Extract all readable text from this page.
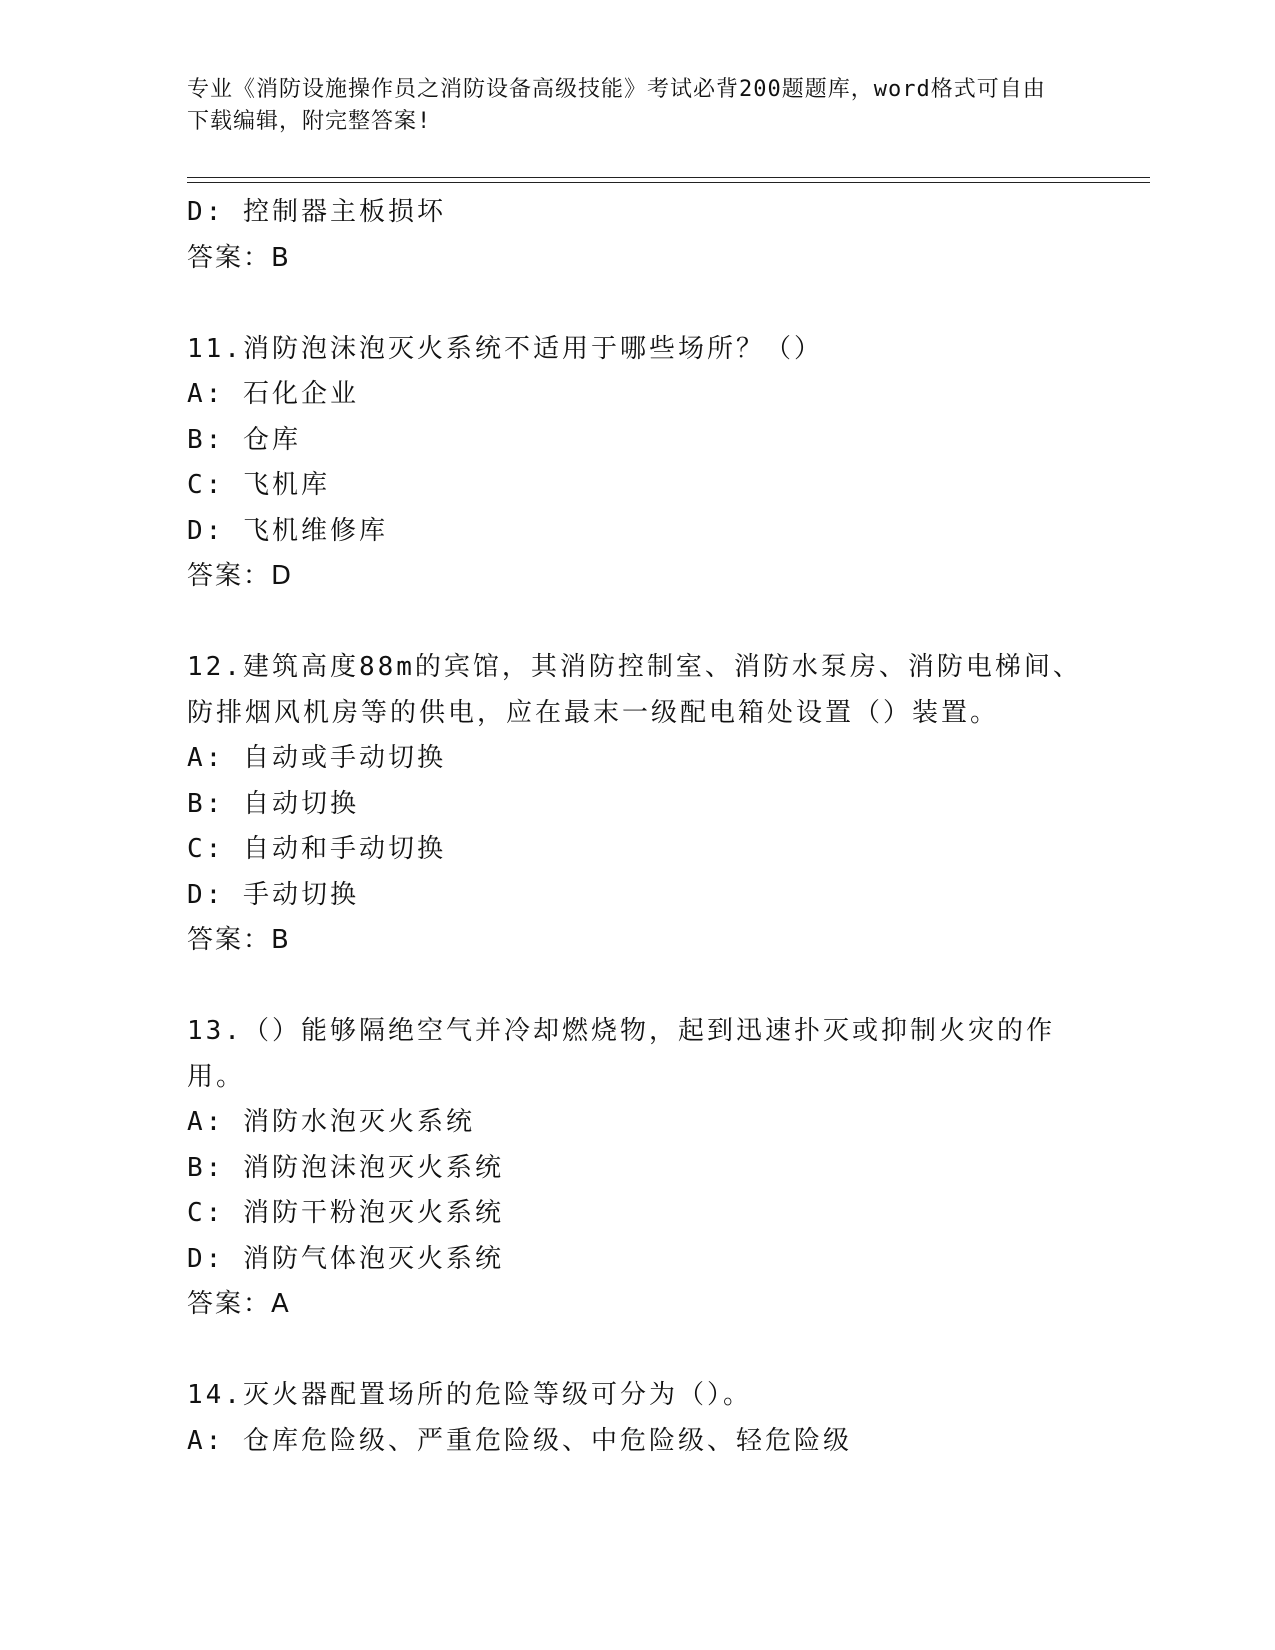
专业《消防设施操作员之消防设备高级技能》考试必背200题题库，word格式可自由下载编辑，附完整答案!
D: 控制器主板损坏
答案：B
11.消防泡沫泡灭火系统不适用于哪些场所？（）
A: 石化企业
B: 仓库
C: 飞机库
D: 飞机维修库
答案：D
12.建筑高度88m的宾馆，其消防控制室、消防水泵房、消防电梯间、防排烟风机房等的供电，应在最末一级配电箱处设置（）装置。
A: 自动或手动切换
B: 自动切换
C: 自动和手动切换
D: 手动切换
答案：B
13.（）能够隔绝空气并冷却燃烧物，起到迅速扑灭或抑制火灾的作用。
A: 消防水泡灭火系统
B: 消防泡沫泡灭火系统
C: 消防干粉泡灭火系统
D: 消防气体泡灭火系统
答案：A
14.灭火器配置场所的危险等级可分为（）。
A: 仓库危险级、严重危险级、中危险级、轻危险级
